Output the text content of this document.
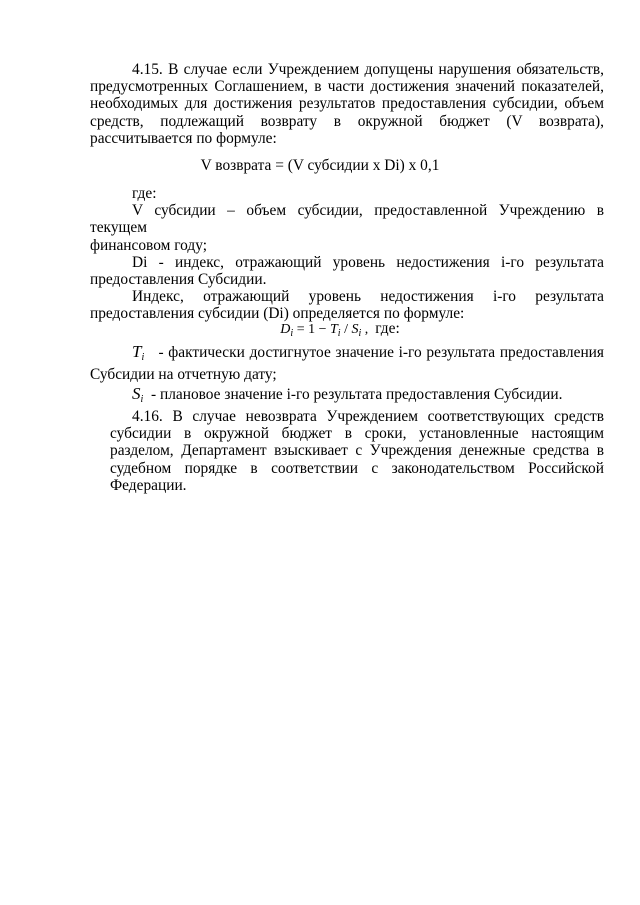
4.15. В случае если Учреждением допущены нарушения обязательств,

предусмотренных Соглашением, в части достижения значений показателей,

необходимых для достижения результатов предоставления субсидии, объем

средств, подлежащий возврату в окружной бюджет (V возврата),

рассчитывается по формуле:

V возврата = (V субсидии x Di) x 0,1

где:

V субсидии – объем субсидии, предоставленной Учреждению в текущем

финансовом году;

Di - индекс, отражающий уровень недостижения i-го результата

предоставления Субсидии.

Индекс, отражающий уровень недостижения i-го результата

предоставления субсидии (Di) определяется по формуле:

$D_i = 1 - T_i / S_i$ , где:

$T_i$ - фактически достигнутое значение i-го результата предоставления

Субсидии на отчетную дату;

$S_i$ - плановое значение i-го результата предоставления Субсидии.

4.16. В случае невозврата Учреждением соответствующих средств

субсидии в окружной бюджет в сроки, установленные настоящим

разделом, Департамент взыскивает с Учреждения денежные средства в

судебном порядке в соответствии с законодательством Российской

Федерации.
